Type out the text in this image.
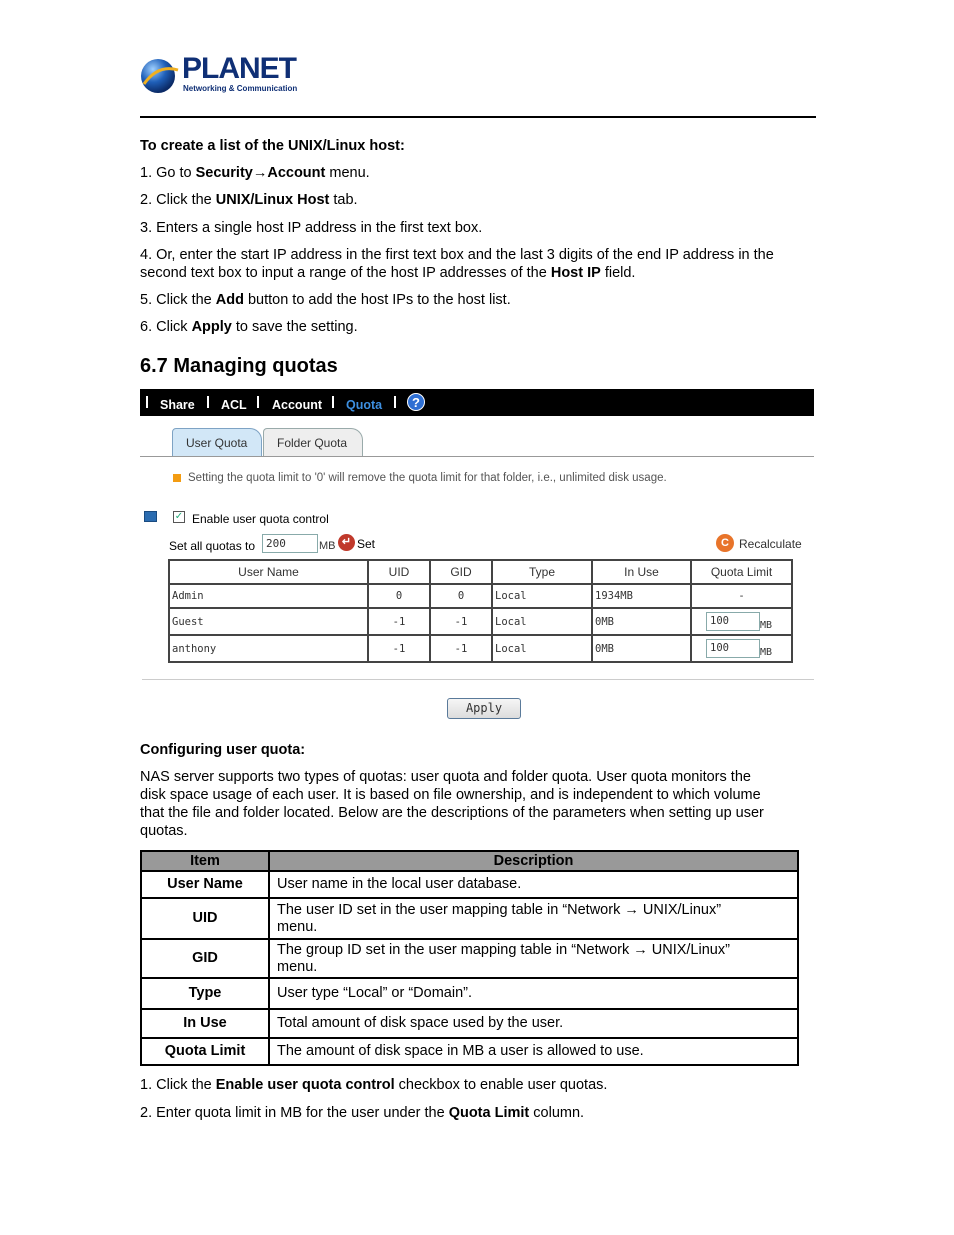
PLANET
Networking & Communication
To create a list of the UNIX/Linux host:
1. Go to Security→Account menu.
2. Click the UNIX/Linux Host tab.
3. Enters a single host IP address in the first text box.
4. Or, enter the start IP address in the first text box and the last 3 digits of the end IP address in the
second text box to input a range of the host IP addresses of the Host IP field.
5. Click the Add button to add the host IPs to the host list.
6. Click Apply to save the setting.
6.7 Managing quotas
Share ACL Account Quota	?
User Quota	Folder Quota
Setting the quota limit to '0' will remove the quota limit for that folder, i.e., unlimited disk usage.
✓ Enable user quota control
Set all quotas to 200	MB ↵ Set	C Recalculate
User Name	UID	GID	Type	In Use	Quota Limit
Admin	0	0	Local	1934MB	-
Guest	-1	-1	Local	0MB	100 MB
anthony	-1	-1	Local	0MB	100 MB
Apply
Configuring user quota:
NAS server supports two types of quotas: user quota and folder quota. User quota monitors the
disk space usage of each user. It is based on file ownership, and is independent to which volume
that the file and folder located. Below are the descriptions of the parameters when setting up user
quotas.
Item	Description
User Name	User name in the local user database.
UID	The user ID set in the user mapping table in “Network → UNIX/Linux”
menu.
GID	The group ID set in the user mapping table in “Network → UNIX/Linux”
menu.
Type	User type “Local” or “Domain”.
In Use	Total amount of disk space used by the user.
Quota Limit	The amount of disk space in MB a user is allowed to use.
1. Click the Enable user quota control checkbox to enable user quotas.
2. Enter quota limit in MB for the user under the Quota Limit column.
